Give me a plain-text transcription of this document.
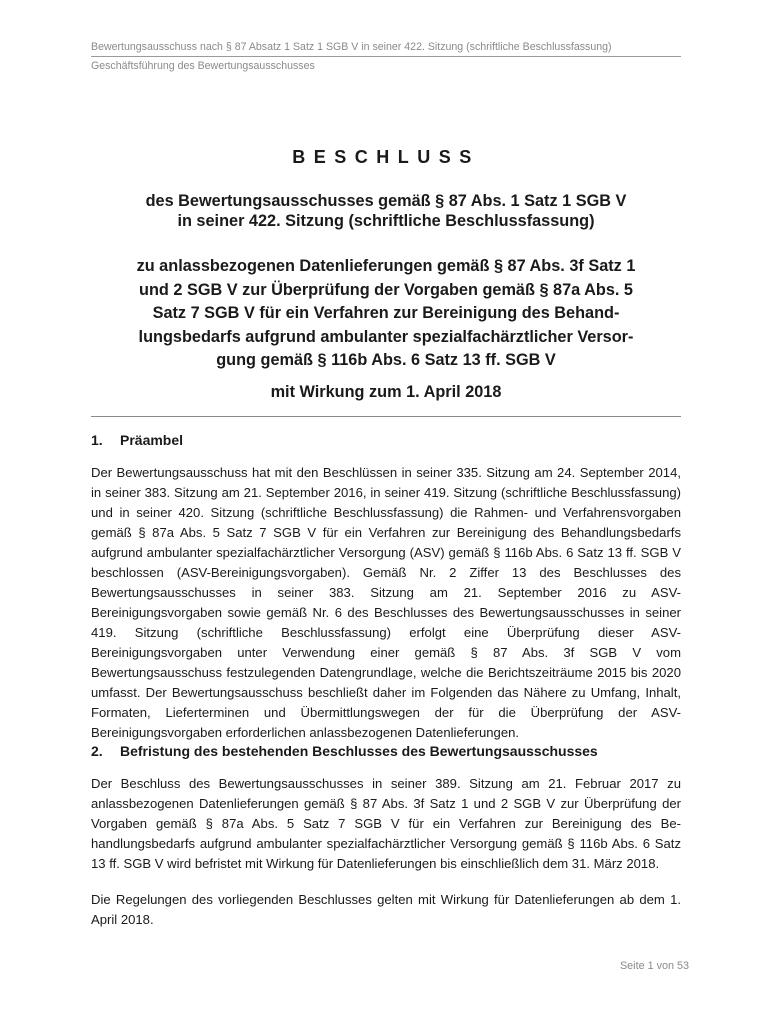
Bewertungsausschuss nach § 87 Absatz 1 Satz 1 SGB V in seiner 422. Sitzung (schriftliche Beschlussfassung)
Geschäftsführung des Bewertungsausschusses
BESCHLUSS
des Bewertungsausschusses gemäß § 87 Abs. 1 Satz 1 SGB V
in seiner 422. Sitzung (schriftliche Beschlussfassung)
zu anlassbezogenen Datenlieferungen gemäß § 87 Abs. 3f Satz 1
und 2 SGB V zur Überprüfung der Vorgaben gemäß § 87a Abs. 5
Satz 7 SGB V für ein Verfahren zur Bereinigung des Behand-
lungsbedarfs aufgrund ambulanter spezialfachärztlicher Versor-
gung gemäß § 116b Abs. 6 Satz 13 ff. SGB V
mit Wirkung zum 1. April 2018
1.	Präambel

Der Bewertungsausschuss hat mit den Beschlüssen in seiner 335. Sitzung am 24. September 2014, in seiner 383. Sitzung am 21. September 2016, in seiner 419. Sitzung (schriftliche Beschlussfassung) und in seiner 420. Sitzung (schriftliche Beschlussfassung) die Rahmen- und Verfahrensvorgaben gemäß § 87a Abs. 5 Satz 7 SGB V für ein Verfahren zur Bereinigung des Behandlungsbedarfs aufgrund ambulanter spezialfachärztlicher Versorgung (ASV) gemäß § 116b Abs. 6 Satz 13 ff. SGB V beschlossen (ASV-Bereinigungsvorgaben). Gemäß Nr. 2 Ziffer 13 des Beschlusses des Bewertungsausschusses in seiner 383. Sitzung am 21. September 2016 zu ASV-Bereinigungsvorgaben sowie gemäß Nr. 6 des Beschlusses des Bewertungsausschusses in seiner 419. Sitzung (schriftliche Beschlussfassung) erfolgt eine Überprüfung dieser ASV-Bereinigungsvorgaben unter Verwendung einer gemäß § 87 Abs. 3f SGB V vom Bewertungsausschuss festzulegenden Datengrundlage, welche die Berichtszeiträume 2015 bis 2020 umfasst. Der Bewertungsausschuss beschließt daher im Folgenden das Nähere zu Umfang, Inhalt, Formaten, Lieferterminen und Übermittlungswegen der für die Überprüfung der ASV-Bereinigungsvorgaben erforderlichen anlassbezogenen Datenlieferungen.

2.	Befristung des bestehenden Beschlusses des Bewertungsausschusses

Der Beschluss des Bewertungsausschusses in seiner 389. Sitzung am 21. Februar 2017 zu anlassbezogenen Datenlieferungen gemäß § 87 Abs. 3f Satz 1 und 2 SGB V zur Überprüfung der Vorgaben gemäß § 87a Abs. 5 Satz 7 SGB V für ein Verfahren zur Bereinigung des Behandlungsbedarfs aufgrund ambulanter spezialfachärztlicher Versorgung gemäß § 116b Abs. 6 Satz 13 ff. SGB V wird befristet mit Wirkung für Datenlieferungen bis einschließlich dem 31. März 2018.

Die Regelungen des vorliegenden Beschlusses gelten mit Wirkung für Datenlieferungen ab dem 1. April 2018.

Seite 1 von 53
